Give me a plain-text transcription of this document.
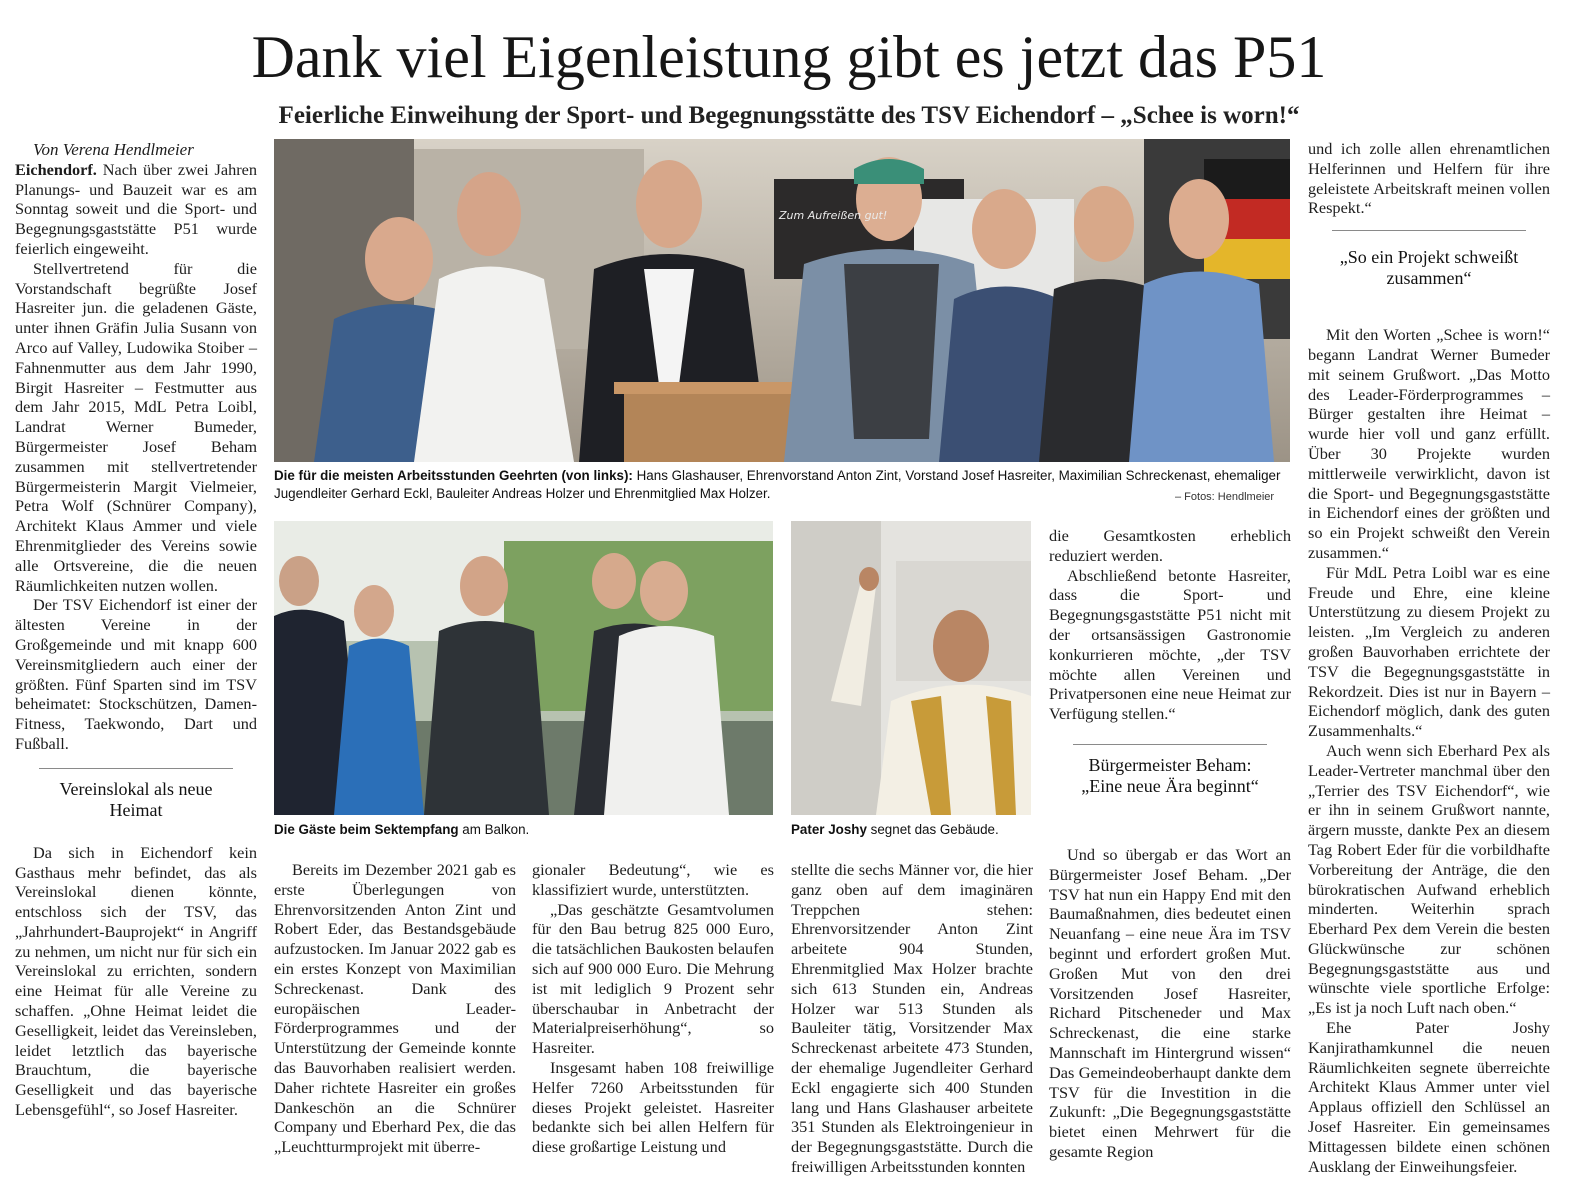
Dank viel Eigenleistung gibt es jetzt das P51
Feierliche Einweihung der Sport- und Begegnungsstätte des TSV Eichendorf – „Schee is worn!“

Von Verena Hendlmeier

Eichendorf. Nach über zwei Jahren Planungs- und Bauzeit war es am Sonntag soweit und die Sport- und Begegnungsgaststätte P51 wurde feierlich eingeweiht.

Stellvertretend für die Vorstandschaft begrüßte Josef Hasreiter jun. die geladenen Gäste, unter ihnen Gräfin Julia Susann von Arco auf Valley, Ludowika Stoiber – Fahnenmutter aus dem Jahr 1990, Birgit Hasreiter – Festmutter aus dem Jahr 2015, MdL Petra Loibl, Landrat Werner Bumeder, Bürgermeister Josef Beham zusammen mit stellvertretender Bürgermeisterin Margit Vielmeier, Petra Wolf (Schnürer Company), Architekt Klaus Ammer und viele Ehrenmitglieder des Vereins sowie alle Ortsvereine, die die neuen Räumlichkeiten nutzen wollen.

Der TSV Eichendorf ist einer der ältesten Vereine in der Großgemeinde und mit knapp 600 Vereinsmitgliedern auch einer der größten. Fünf Sparten sind im TSV beheimatet: Stockschützen, Damen-Fitness, Taekwondo, Dart und Fußball.

Vereinslokal als neue Heimat

Da sich in Eichendorf kein Gasthaus mehr befindet, das als Vereinslokal dienen könnte, entschloss sich der TSV, das „Jahrhundert-Bauprojekt“ in Angriff zu nehmen, um nicht nur für sich ein Vereinslokal zu errichten, sondern eine Heimat für alle Vereine zu schaffen. „Ohne Heimat leidet die Geselligkeit, leidet das Vereinsleben, leidet letztlich das bayerische Brauchtum, die bayerische Geselligkeit und das bayerische Lebensgefühl“, so Josef Hasreiter.

Zum Aufreißen gut!
Die für die meisten Arbeitsstunden Geehrten (von links): Hans Glashauser, Ehrenvorstand Anton Zint, Vorstand Josef Hasreiter, Maximilian Schreckenast, ehemaliger Jugendleiter Gerhard Eckl, Bauleiter Andreas Holzer und Ehrenmitglied Max Holzer.	– Fotos: Hendlmeier
Die Gäste beim Sektempfang am Balkon.	Pater Joshy segnet das Gebäude.

Bereits im Dezember 2021 gab es erste Überlegungen von Ehrenvorsitzenden Anton Zint und Robert Eder, das Bestandsgebäude aufzustocken. Im Januar 2022 gab es ein erstes Konzept von Maximilian Schreckenast. Dank des europäischen Leader-Förderprogrammes und der Unterstützung der Gemeinde konnte das Bauvorhaben realisiert werden. Daher richtete Hasreiter ein großes Dankeschön an die Schnürer Company und Eberhard Pex, die das „Leuchtturmprojekt mit überre-

gionaler Bedeutung“, wie es klassifiziert wurde, unterstützten.

„Das geschätzte Gesamtvolumen für den Bau betrug 825 000 Euro, die tatsächlichen Baukosten belaufen sich auf 900 000 Euro. Die Mehrung ist mit lediglich 9 Prozent sehr überschaubar in Anbetracht der Materialpreiserhöhung“, so Hasreiter.

Insgesamt haben 108 freiwillige Helfer 7260 Arbeitsstunden für dieses Projekt geleistet. Hasreiter bedankte sich bei allen Helfern für diese großartige Leistung und

stellte die sechs Männer vor, die hier ganz oben auf dem imaginären Treppchen stehen: Ehrenvorsitzender Anton Zint arbeitete 904 Stunden, Ehrenmitglied Max Holzer brachte sich 613 Stunden ein, Andreas Holzer war 513 Stunden als Bauleiter tätig, Vorsitzender Max Schreckenast arbeitete 473 Stunden, der ehemalige Jugendleiter Gerhard Eckl engagierte sich 400 Stunden lang und Hans Glashauser arbeitete 351 Stunden als Elektroingenieur in der Begegnungsgaststätte. Durch die freiwilligen Arbeitsstunden konnten

die Gesamtkosten erheblich reduziert werden.

Abschließend betonte Hasreiter, dass die Sport- und Begegnungsgaststätte P51 nicht mit der ortsansässigen Gastronomie konkurrieren möchte, „der TSV möchte allen Vereinen und Privatpersonen eine neue Heimat zur Verfügung stellen.“

Bürgermeister Beham: „Eine neue Ära beginnt“

Und so übergab er das Wort an Bürgermeister Josef Beham. „Der TSV hat nun ein Happy End mit den Baumaßnahmen, dies bedeutet einen Neuanfang – eine neue Ära im TSV beginnt und erfordert großen Mut. Großen Mut von den drei Vorsitzenden Josef Hasreiter, Richard Pitscheneder und Max Schreckenast, die eine starke Mannschaft im Hintergrund wissen“ Das Gemeindeoberhaupt dankte dem TSV für die Investition in die Zukunft: „Die Begegnungsgaststätte bietet einen Mehrwert für die gesamte Region

und ich zolle allen ehrenamtlichen Helferinnen und Helfern für ihre geleistete Arbeitskraft meinen vollen Respekt.“

„So ein Projekt schweißt zusammen“

Mit den Worten „Schee is worn!“ begann Landrat Werner Bumeder mit seinem Grußwort. „Das Motto des Leader-Förderprogrammes – Bürger gestalten ihre Heimat – wurde hier voll und ganz erfüllt. Über 30 Projekte wurden mittlerweile verwirklicht, davon ist die Sport- und Begegnungsgaststätte in Eichendorf eines der größten und so ein Projekt schweißt den Verein zusammen.“

Für MdL Petra Loibl war es eine Freude und Ehre, eine kleine Unterstützung zu diesem Projekt zu leisten. „Im Vergleich zu anderen großen Bauvorhaben errichtete der TSV die Begegnungsgaststätte in Rekordzeit. Dies ist nur in Bayern – Eichendorf möglich, dank des guten Zusammenhalts.“

Auch wenn sich Eberhard Pex als Leader-Vertreter manchmal über den „Terrier des TSV Eichendorf“, wie er ihn in seinem Grußwort nannte, ärgern musste, dankte Pex an diesem Tag Robert Eder für die vorbildhafte Vorbereitung der Anträge, die den bürokratischen Aufwand erheblich minderten. Weiterhin sprach Eberhard Pex dem Verein die besten Glückwünsche zur schönen Begegnungsgaststätte aus und wünschte viele sportliche Erfolge: „Es ist ja noch Luft nach oben.“

Ehe Pater Joshy Kanjirathamkunnel die neuen Räumlichkeiten segnete überreichte Architekt Klaus Ammer unter viel Applaus offiziell den Schlüssel an Josef Hasreiter. Ein gemeinsames Mittagessen bildete einen schönen Ausklang der Einweihungsfeier.
